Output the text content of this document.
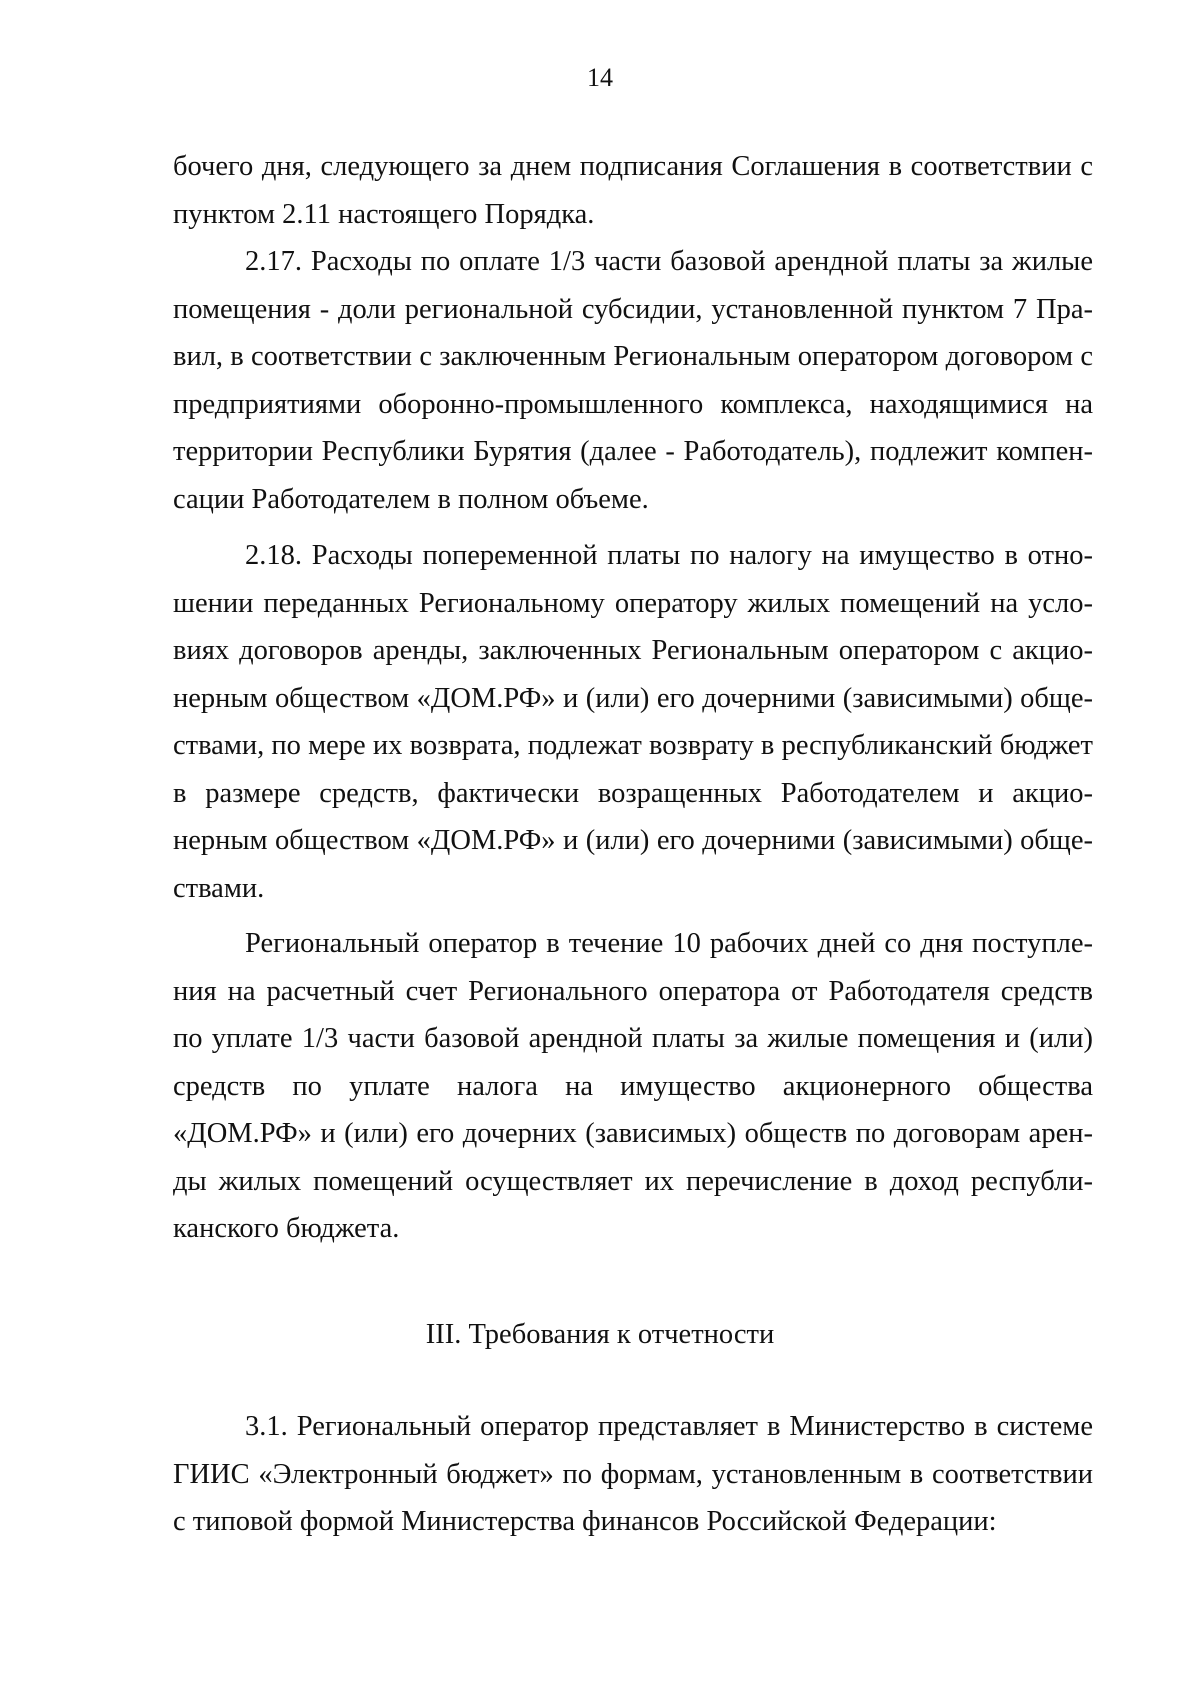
14

бочего дня, следующего за днем подписания Соглашения в соответствии с пунктом 2.11 настоящего Порядка.

2.17. Расходы по оплате 1/3 части базовой арендной платы за жилые помещения - доли региональной субсидии, установленной пунктом 7 Правил, в соответствии с заключенным Региональным оператором договором с предприятиями оборонно-промышленного комплекса, находящимися на территории Республики Бурятия (далее - Работодатель), подлежит компенсации Работодателем в полном объеме.

2.18. Расходы попеременной платы по налогу на имущество в отношении переданных Региональному оператору жилых помещений на условиях договоров аренды, заключенных Региональным оператором с акционерным обществом «ДОМ.РФ» и (или) его дочерними (зависимыми) обществами, по мере их возврата, подлежат возврату в республиканский бюджет в размере средств, фактически возращенных Работодателем и акционерным обществом «ДОМ.РФ» и (или) его дочерними (зависимыми) обществами.

Региональный оператор в течение 10 рабочих дней со дня поступления на расчетный счет Регионального оператора от Работодателя средств по уплате 1/3 части базовой арендной платы за жилые помещения и (или) средств по уплате налога на имущество акционерного общества «ДОМ.РФ» и (или) его дочерних (зависимых) обществ по договорам аренды жилых помещений осуществляет их перечисление в доход республиканского бюджета.

III. Требования к отчетности

3.1. Региональный оператор представляет в Министерство в системе ГИИС «Электронный бюджет» по формам, установленным в соответствии с типовой формой Министерства финансов Российской Федерации:
